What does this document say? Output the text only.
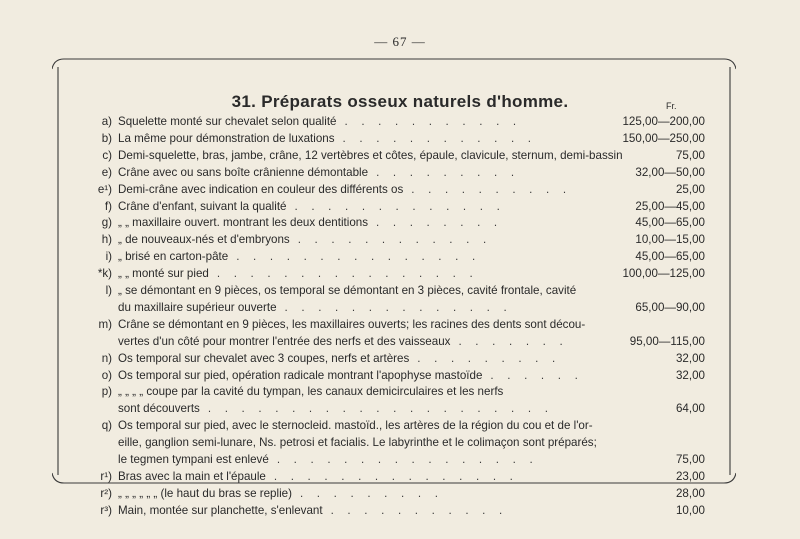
— 67 —
31. Préparats osseux naturels d'homme.	Fr.
a) Squelette monté sur chevalet selon qualité	125,00—200,00
. . . . . . . . . . .
b) La même pour démonstration de luxations	150,00—250,00
. . . . . . . . . . . .
c) Demi-squelette, bras, jambe, crâne, 12 vertèbres et côtes, épaule, clavicule, sternum, demi-bassin	75,00
e) Crâne avec ou sans boîte crânienne démontable	32,00—50,00
. . . . . . . . .
e¹) Demi-crâne avec indication en couleur des différents os	25,00
. . . . . . . . . .
f) Crâne d'enfant, suivant la qualité	25,00—45,00
. . . . . . . . . . . . .
g) „ „ maxillaire ouvert. montrant les deux dentitions	45,00—65,00
. . . . . . . .
h) „ de nouveaux-nés et d'embryons	10,00—15,00
. . . . . . . . . . . .
i) „ brisé en carton-pâte	45,00—65,00
. . . . . . . . . . . . . . .
*k) „ „ monté sur pied	100,00—125,00
. . . . . . . . . . . . . . . .
l) „ se démontant en 9 pièces, os temporal se démontant en 3 pièces, cavité frontale, cavité
du maxillaire supérieur ouverte	65,00—90,00
. . . . . . . . . . . . . .
m) Crâne se démontant en 9 pièces, les maxillaires ouverts; les racines des dents sont décou-
vertes d'un côté pour montrer l'entrée des nerfs et des vaisseaux	95,00—115,00
. . . . . . .
n) Os temporal sur chevalet avec 3 coupes, nerfs et artères	32,00
. . . . . . . . .
o) Os temporal sur pied, opération radicale montrant l'apophyse mastoïde	32,00
. . . . . .
p) „ „ „ „ coupe par la cavité du tympan, les canaux demicirculaires et les nerfs
sont découverts	64,00
. . . . . . . . . . . . . . . . . . . . .
q) Os temporal sur pied, avec le sternocleid. mastoïd., les artères de la région du cou et de l'or-
eille, ganglion semi-lunare, Ns. petrosi et facialis. Le labyrinthe et le colimaçon sont préparés;
le tegmen tympani est enlevé	75,00
. . . . . . . . . . . . . . . .
r¹) Bras avec la main et l'épaule	23,00
. . . . . . . . . . . . . . .
r²) „ „ „ „ „ „ (le haut du bras se replie)	28,00
. . . . . . . . .
r³) Main, montée sur planchette, s'enlevant	10,00
. . . . . . . . . . .
